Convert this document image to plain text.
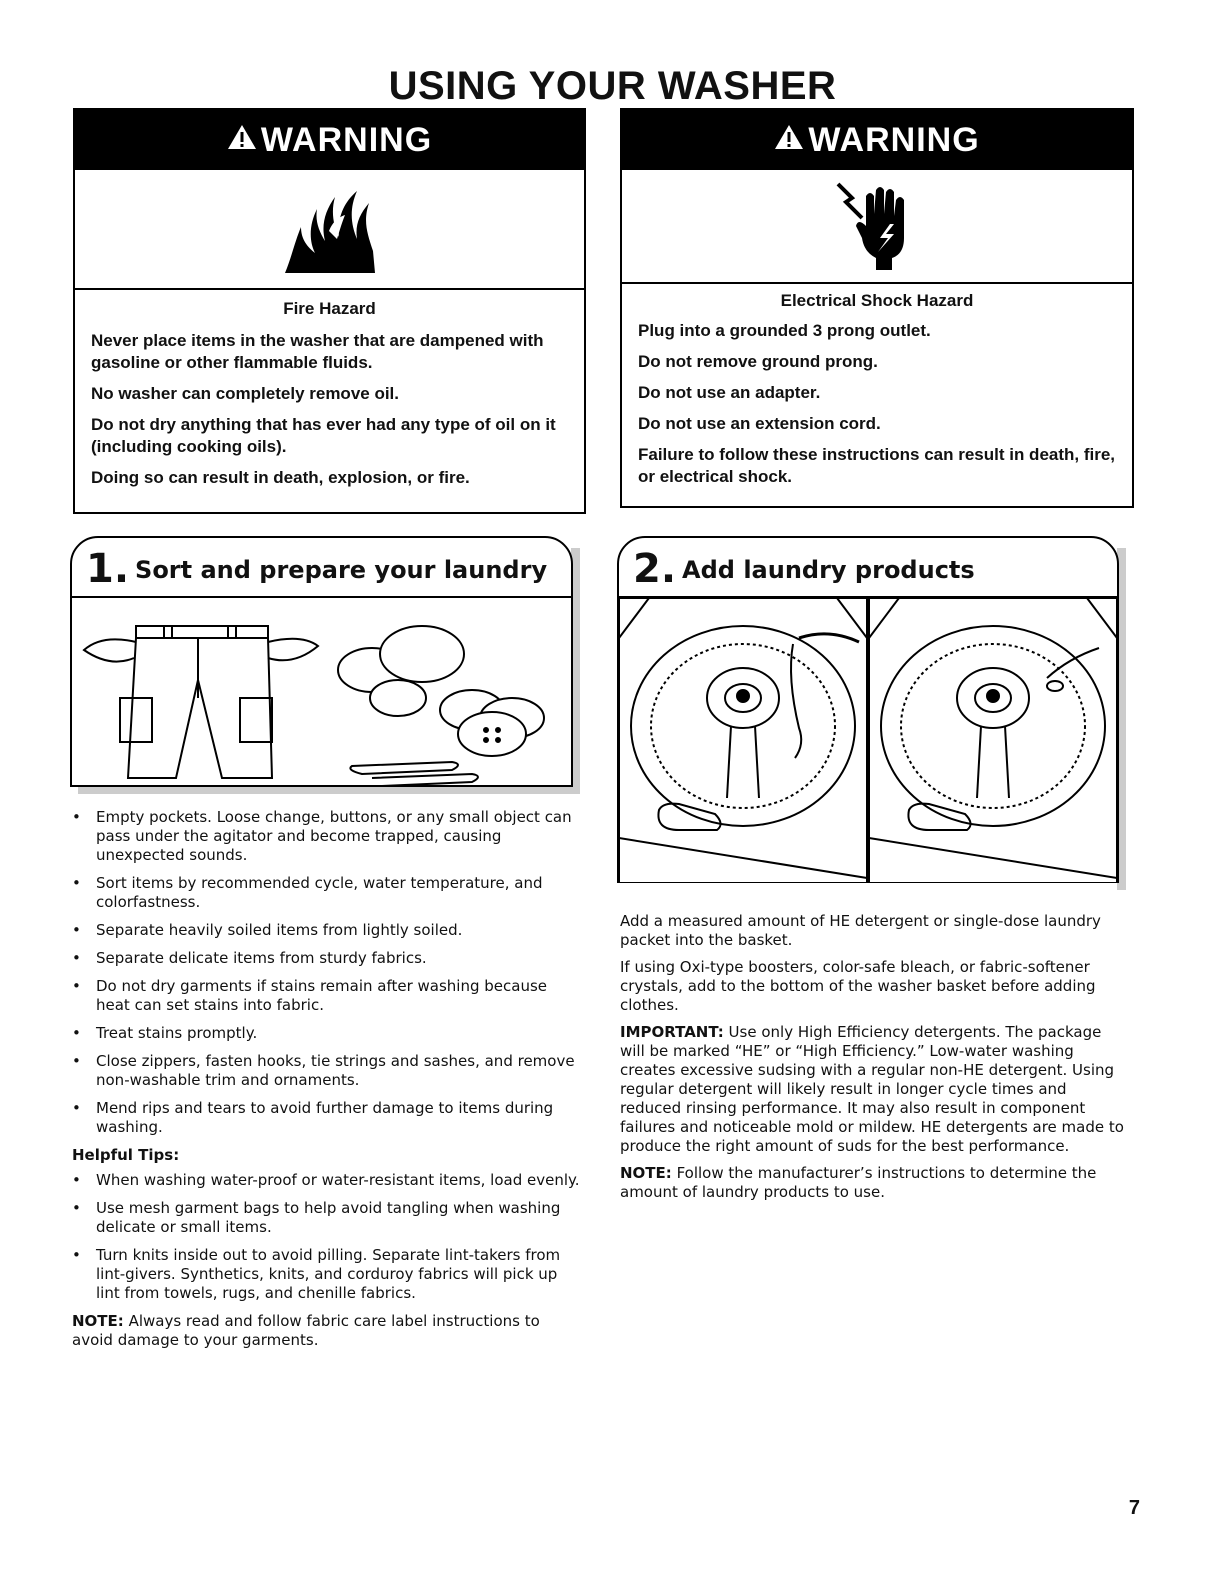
USING YOUR WASHER
WARNING
Fire Hazard

Never place items in the washer that are dampened with gasoline or other flammable fluids.

No washer can completely remove oil.

Do not dry anything that has ever had any type of oil on it (including cooking oils).

Doing so can result in death, explosion, or fire.

WARNING
Electrical Shock Hazard

Plug into a grounded 3 prong outlet.

Do not remove ground prong.

Do not use an adapter.

Do not use an extension cord.

Failure to follow these instructions can result in death, fire, or electrical shock.

1. Sort and prepare your laundry	2. Add laundry products
• Empty pockets. Loose change, buttons, or any small object can pass under the agitator and become trapped, causing unexpected sounds.
• Sort items by recommended cycle, water temperature, and colorfastness.
• Separate heavily soiled items from lightly soiled.
• Separate delicate items from sturdy fabrics.
• Do not dry garments if stains remain after washing because heat can set stains into fabric.
• Treat stains promptly.
• Close zippers, fasten hooks, tie strings and sashes, and remove non-washable trim and ornaments.
• Mend rips and tears to avoid further damage to items during washing.
Helpful Tips:
• When washing water-proof or water-resistant items, load evenly.
• Use mesh garment bags to help avoid tangling when washing delicate or small items.
• Turn knits inside out to avoid pilling. Separate lint-takers from lint-givers. Synthetics, knits, and corduroy fabrics will pick up lint from towels, rugs, and chenille fabrics.

NOTE: Always read and follow fabric care label instructions to avoid damage to your garments.

Add a measured amount of HE detergent or single-dose laundry packet into the basket.

If using Oxi-type boosters, color-safe bleach, or fabric-softener crystals, add to the bottom of the washer basket before adding clothes.

IMPORTANT: Use only High Efficiency detergents. The package will be marked “HE” or “High Efficiency.” Low-water washing creates excessive sudsing with a regular non-HE detergent. Using regular detergent will likely result in longer cycle times and reduced rinsing performance. It may also result in component failures and noticeable mold or mildew. HE detergents are made to produce the right amount of suds for the best performance.

NOTE: Follow the manufacturer’s instructions to determine the amount of laundry products to use.

7
